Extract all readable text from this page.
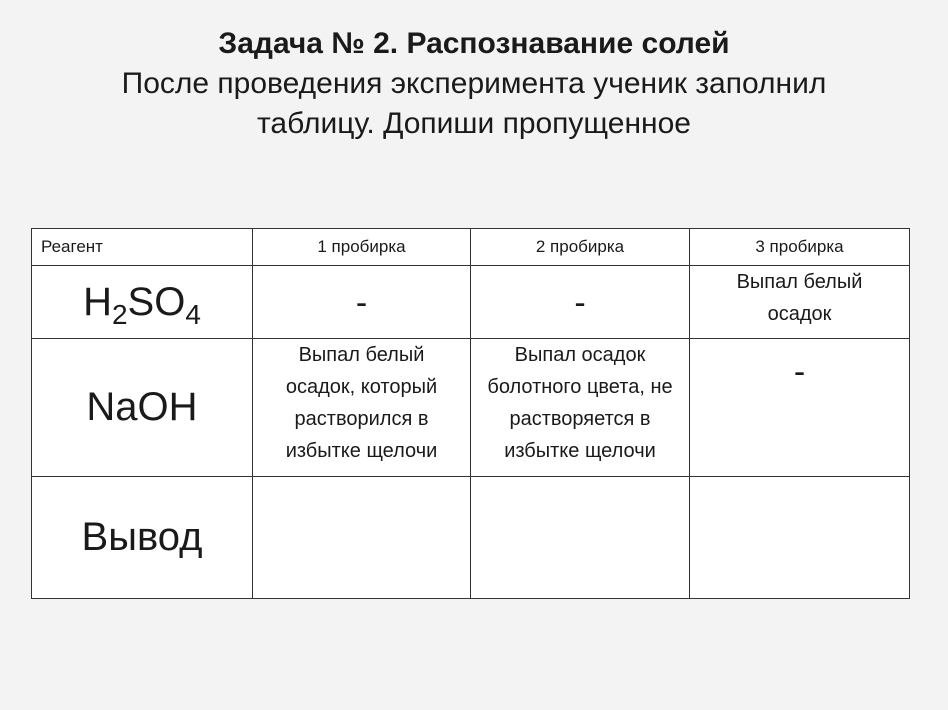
Задача № 2. Распознавание солей
После проведения эксперимента ученик заполнил
таблицу. Допиши пропущенное
Реагент	1 пробирка	2 пробирка	3 пробирка
$H_2SO_4$	-	-	Выпал белый осадок

NaOH	Выпал белый осадок, который растворился в избытке щелочи	Выпал осадок болотного цвета, не растворяется в избытке щелочи	-

Вывод			
